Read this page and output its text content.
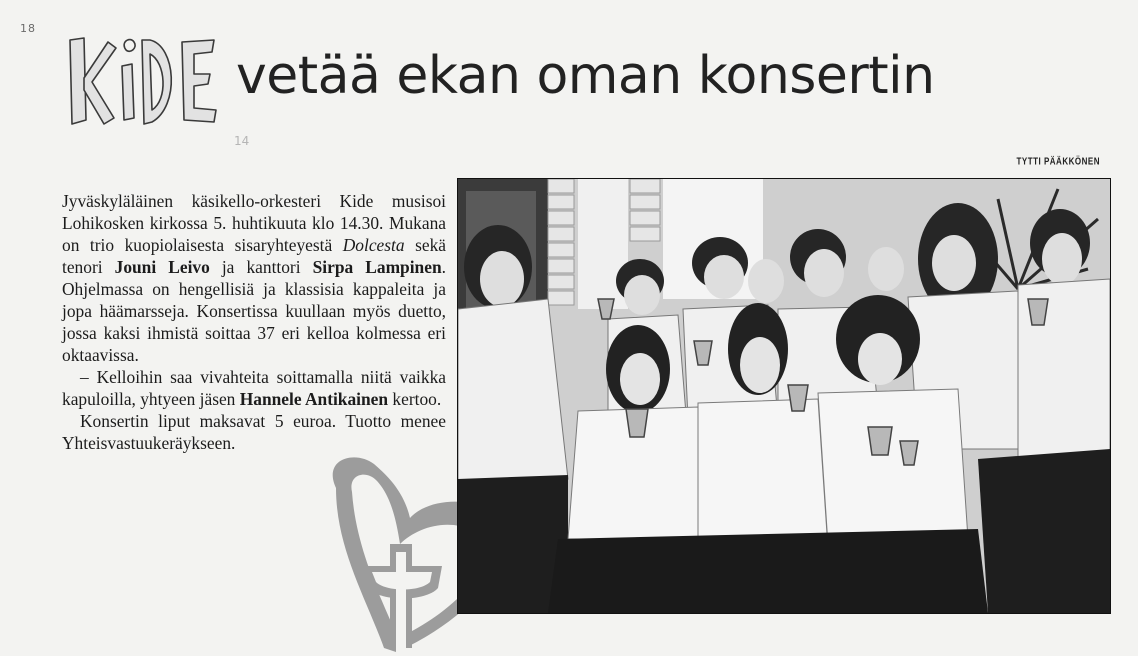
18	KIDE
vetää ekan oman konsertin
14
TYTTI PÄÄKKÖNEN

Jyväskyläläinen käsikello-orkesteri Kide musisoi Lohikosken kirkossa 5. huhtikuuta klo 14.30. Mukana on trio kuopiolaisesta sisaryhteyestä Dolcesta sekä tenori Jouni Leivo ja kanttori Sirpa Lampinen. Ohjelmassa on hengellisiä ja klassisia kappaleita ja jopa häämarsseja. Konsertissa kuullaan myös duetto, jossa kaksi ihmistä soittaa 37 eri kelloa kolmessa eri oktaavissa.

– Kelloihin saa vivahteita soittamalla niitä vaikka kapuloilla, yhtyeen jäsen Hannele Antikainen kertoo.

Konsertin liput maksavat 5 euroa. Tuotto menee Yhteisvastuukeräykseen.
